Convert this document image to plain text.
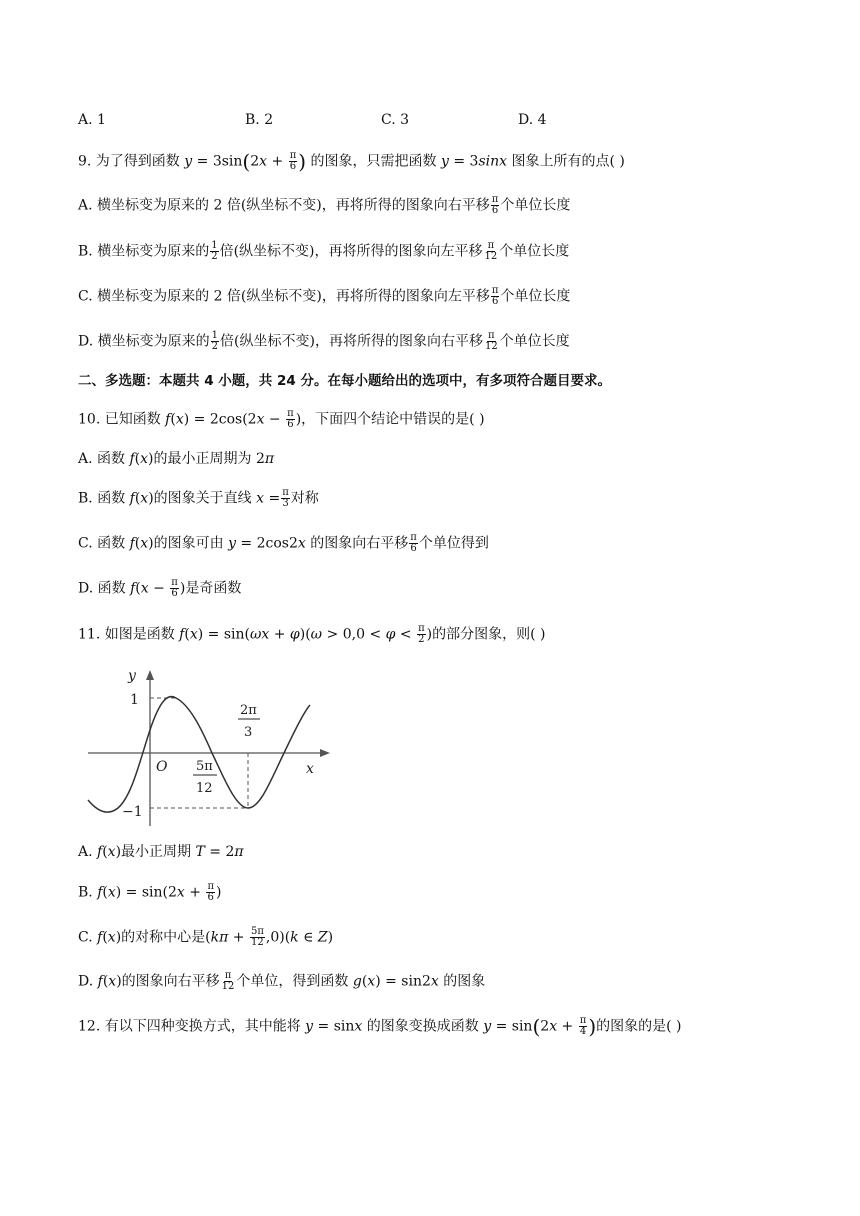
A. 1	B. 2	C. 3	D. 4
9. 为了得到函数 $y = 3\sin(2x + \frac{\pi}{6}$ ) 的图象，只需把函数 y = 3sinx 图象上所有的点( )
A. 横坐标变为原来的 2 倍(纵坐标不变)，再将所得的图象向右平移 $\frac{\pi}{6}$ 个单位长度
B. 横坐标变为原来的 $\frac{1}{2}$ 倍(纵坐标不变)，再将所得的图象向左平移 $\frac{\pi}{12}$ 个单位长度
C. 横坐标变为原来的 2 倍(纵坐标不变)，再将所得的图象向左平移 $\frac{\pi}{6}$ 个单位长度
D. 横坐标变为原来的 $\frac{1}{2}$ 倍(纵坐标不变)，再将所得的图象向右平移 $\frac{\pi}{12}$ 个单位长度
二、多选题：本题共 4 小题，共 24 分。在每小题给出的选项中，有多项符合题目要求。
10. 已知函数 $f(x) = 2\cos(2x - \frac{\pi}{6}$ )，下面四个结论中错误的是( )
A. 函数 f(x)的最小正周期为 2π
B. 函数 f(x)的图象关于直线 $x = \frac{\pi}{3}$ 对称
C. 函数 f(x)的图象可由 y = 2cos2x 的图象向右平移 $\frac{\pi}{6}$ 个单位得到
D. 函数 $f(x - \frac{\pi}{6}$ )是奇函数
11. 如图是函数 $f(x) = \sin(\omega x + \varphi)(\omega > 0,0 < \varphi < \frac{\pi}{2}$ )的部分图象，则( )
y
1
−1
O	x
2π
3
5π
12
A. f(x)最小正周期 T = 2π
B. $f(x) = \sin(2x + \frac{\pi}{6}$ )
C. f(x)的对称中心是$(k\pi + \frac{5\pi}{12} ,0)(k$ ∈ Z)
D. f(x)的图象向右平移 $\frac{\pi}{12}$ 个单位，得到函数 g(x) = sin2x 的图象
12. 有以下四种变换方式，其中能将 y = sinx 的图象变换成函数 $y = \sin(2x + \frac{\pi}{4}$ )的图象的是( )
